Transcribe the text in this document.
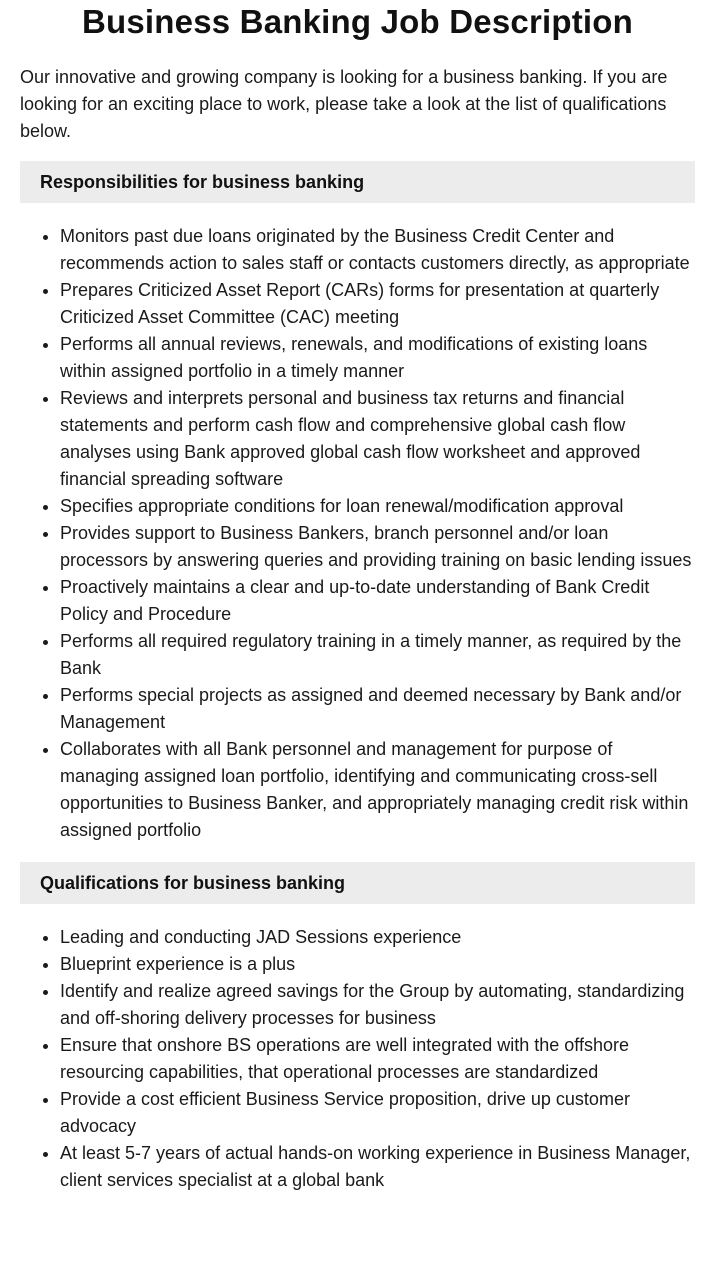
Business Banking Job Description

Our innovative and growing company is looking for a business banking. If you are looking for an exciting place to work, please take a look at the list of qualifications below.

Responsibilities for business banking
• Monitors past due loans originated by the Business Credit Center and recommends action to sales staff or contacts customers directly, as appropriate
• Prepares Criticized Asset Report (CARs) forms for presentation at quarterly Criticized Asset Committee (CAC) meeting
• Performs all annual reviews, renewals, and modifications of existing loans within assigned portfolio in a timely manner
• Reviews and interprets personal and business tax returns and financial statements and perform cash flow and comprehensive global cash flow analyses using Bank approved global cash flow worksheet and approved financial spreading software
• Specifies appropriate conditions for loan renewal/modification approval
• Provides support to Business Bankers, branch personnel and/or loan processors by answering queries and providing training on basic lending issues
• Proactively maintains a clear and up-to-date understanding of Bank Credit Policy and Procedure
• Performs all required regulatory training in a timely manner, as required by the Bank
• Performs special projects as assigned and deemed necessary by Bank and/or Management
• Collaborates with all Bank personnel and management for purpose of managing assigned loan portfolio, identifying and communicating cross-sell opportunities to Business Banker, and appropriately managing credit risk within assigned portfolio
Qualifications for business banking
• Leading and conducting JAD Sessions experience
• Blueprint experience is a plus
• Identify and realize agreed savings for the Group by automating, standardizing and off-shoring delivery processes for business
• Ensure that onshore BS operations are well integrated with the offshore resourcing capabilities, that operational processes are standardized
• Provide a cost efficient Business Service proposition, drive up customer advocacy
• At least 5-7 years of actual hands-on working experience in Business Manager, client services specialist at a global bank
